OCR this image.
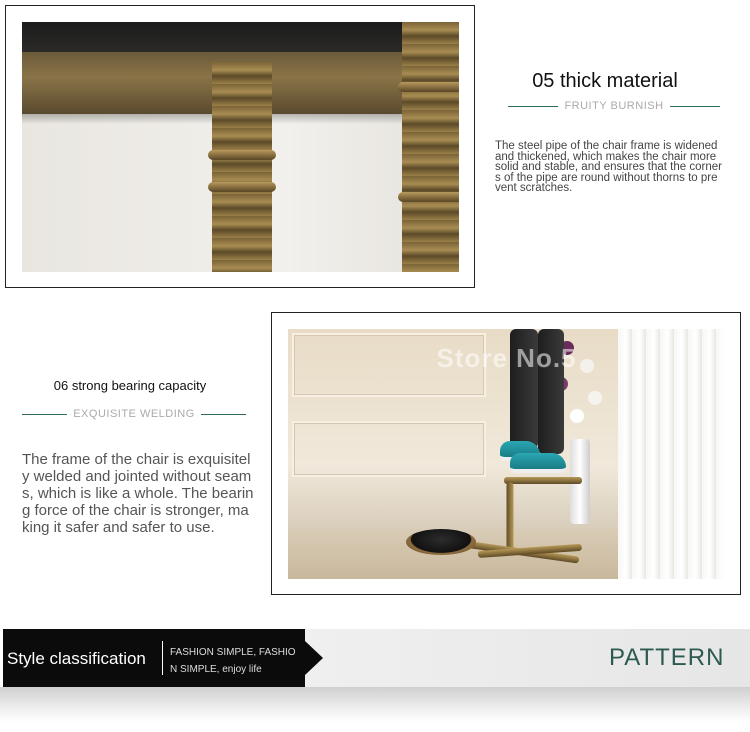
05 thick material
FRUITY BURNISH
The steel pipe of the chair frame is widened and thickened, which makes the chair more solid and stable, and ensures that the corners of the pipe are round without thorns to prevent scratches.
06 strong bearing capacity
EXQUISITE WELDING
The frame of the chair is exquisitely welded and jointed without seams, which is like a whole. The bearing force of the chair is stronger, making it safer and safer to use.
Store No.5
Style classification FASHION SIMPLE, FASHION SIMPLE, enjoy life	PATTERN
